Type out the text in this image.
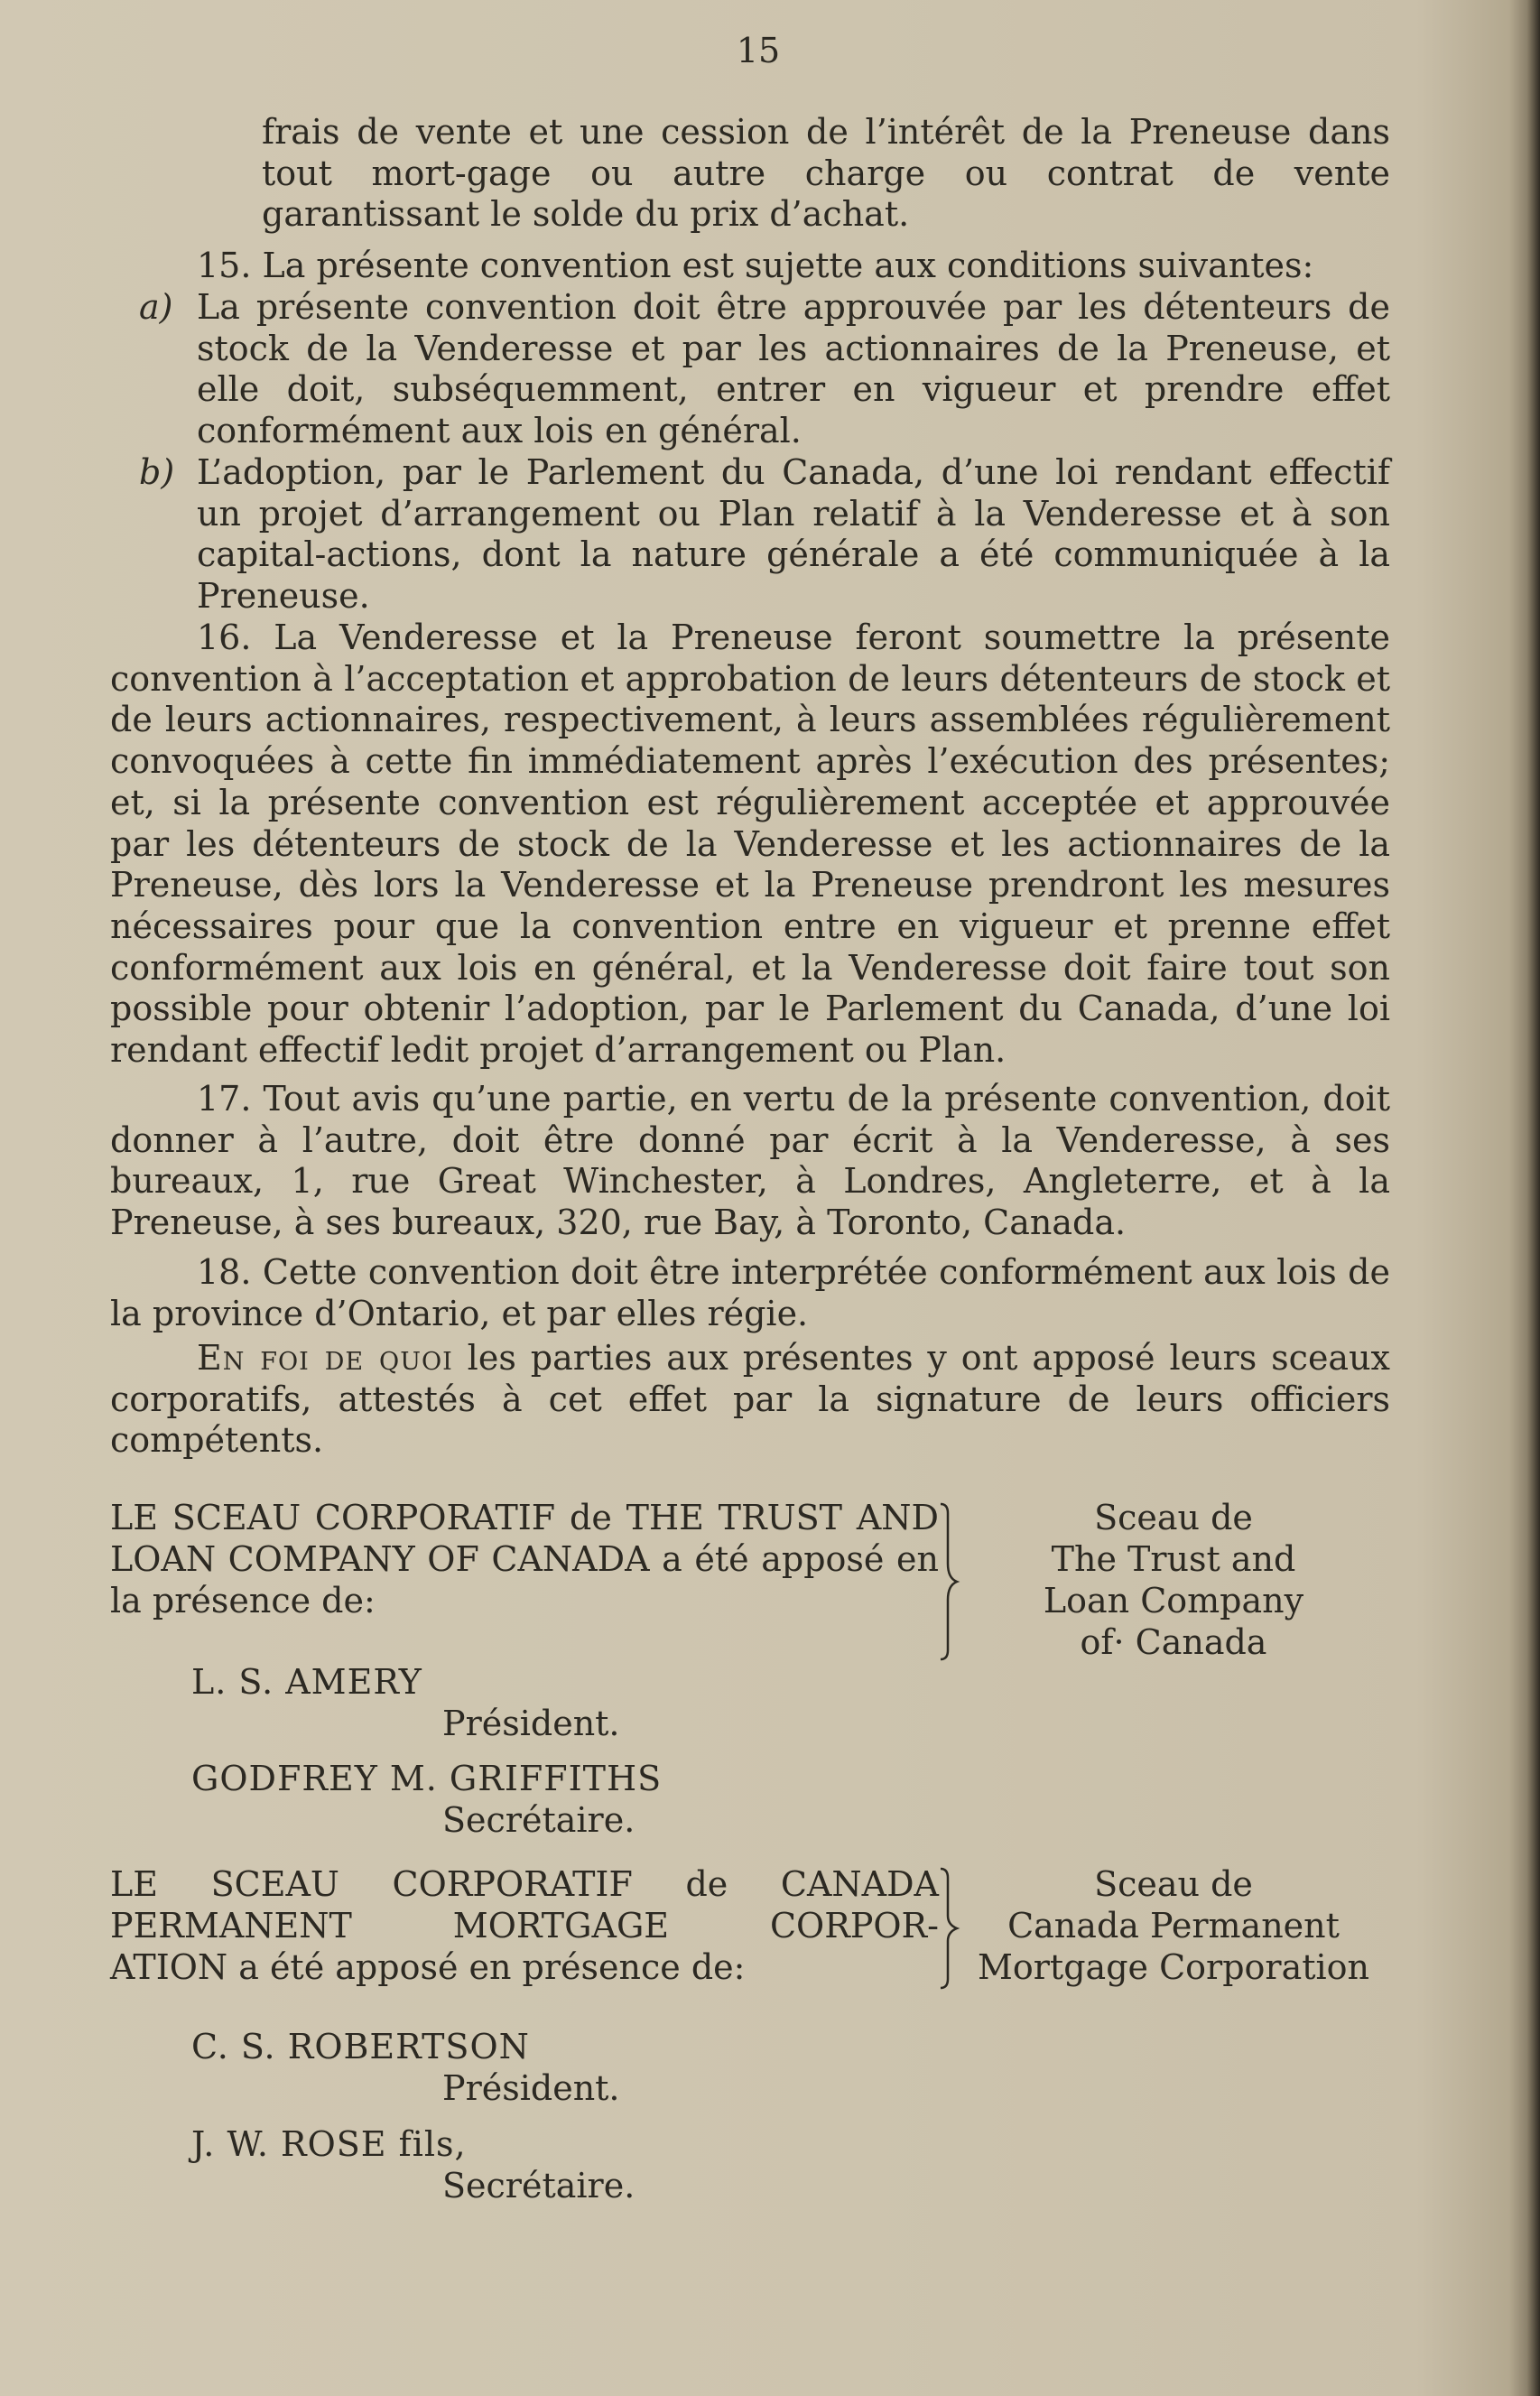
15

frais de vente et une cession de l’intérêt de la Preneuse dans tout mort-gage ou autre charge ou contrat de vente garantissant le solde du prix d’achat.

15. La présente convention est sujette aux conditions suivantes:

a) La présente convention doit être approuvée par les détenteurs de stock de la Venderesse et par les actionnaires de la Preneuse, et elle doit, subséquemment, entrer en vigueur et prendre effet conformément aux lois en général.
b) L’adoption, par le Parlement du Canada, d’une loi rendant effectif un projet d’arrangement ou Plan relatif à la Venderesse et à son capital-actions, dont la nature générale a été communiquée à la Preneuse.

16. La Venderesse et la Preneuse feront soumettre la présente convention à l’acceptation et approbation de leurs détenteurs de stock et de leurs actionnaires, respectivement, à leurs assemblées régulièrement convoquées à cette fin immédiatement après l’exécution des présentes; et, si la présente convention est régulièrement acceptée et approuvée par les détenteurs de stock de la Venderesse et les actionnaires de la Preneuse, dès lors la Venderesse et la Preneuse prendront les mesures nécessaires pour que la convention entre en vigueur et prenne effet conformément aux lois en général, et la Venderesse doit faire tout son possible pour obtenir l’adoption, par le Parlement du Canada, d’une loi rendant effectif ledit projet d’arrangement ou Plan.

17. Tout avis qu’une partie, en vertu de la présente convention, doit donner à l’autre, doit être donné par écrit à la Venderesse, à ses bureaux, 1, rue Great Winchester, à Londres, Angleterre, et à la Preneuse, à ses bureaux, 320, rue Bay, à Toronto, Canada.

18. Cette convention doit être interprétée conformément aux lois de la province d’Ontario, et par elles régie.

En foi de quoi les parties aux présentes y ont apposé leurs sceaux corporatifs, attestés à cet effet par la signature de leurs officiers compétents.

LE SCEAU CORPORATIF de THE TRUST AND LOAN COMPANY OF CANADA a été apposé en la présence de:

Sceau de
The Trust and
Loan Company
of· Canada
L. S. AMERY
Président.
GODFREY M. GRIFFITHS
Secrétaire.
LE SCEAU CORPORATIF de CANADA
PERMANENT MORTGAGE CORPOR-
ATION a été apposé en présence de:
Sceau de
Canada Permanent
Mortgage Corporation
C. S. ROBERTSON
Président.
J. W. ROSE fils,
Secrétaire.
